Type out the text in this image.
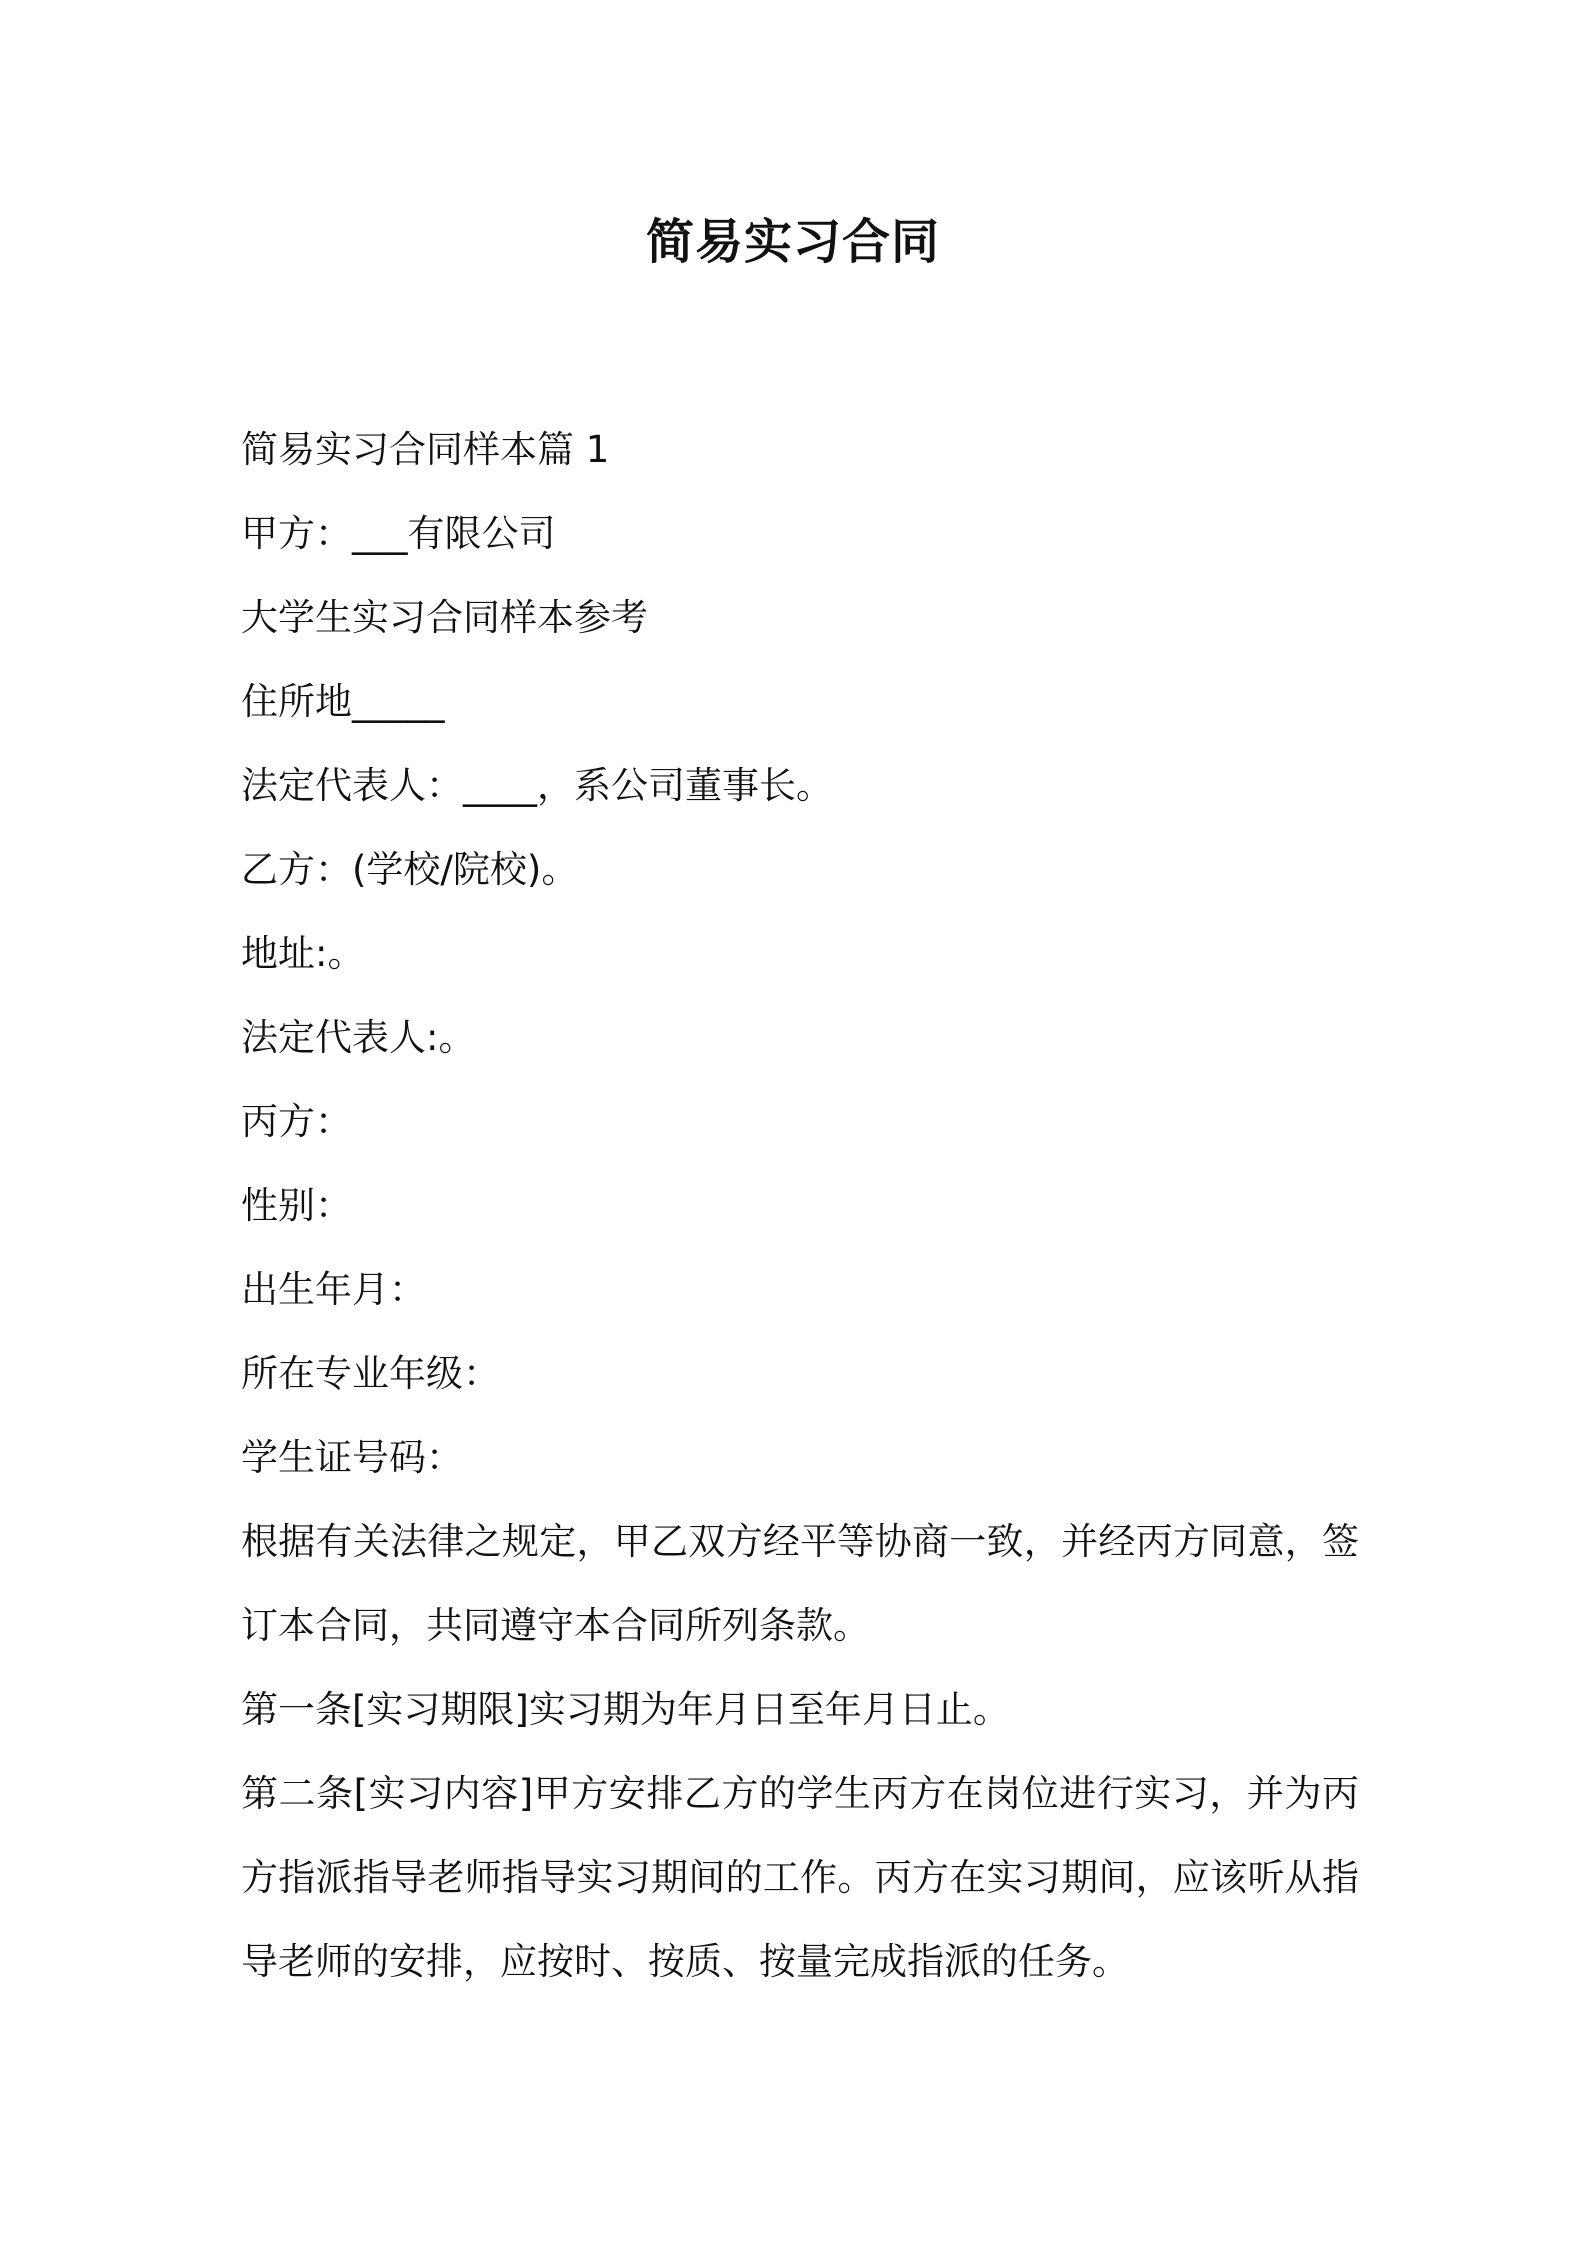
简易实习合同

简易实习合同样本篇 1

甲方：___有限公司

大学生实习合同样本参考

住所地_____

法定代表人：____，系公司董事长。

乙方：(学校/院校)。

地址:。

法定代表人:。

丙方：

性别：

出生年月：

所在专业年级：

学生证号码：

根据有关法律之规定，甲乙双方经平等协商一致，并经丙方同意，签订本合同，共同遵守本合同所列条款。

第一条[实习期限]实习期为年月日至年月日止。

第二条[实习内容]甲方安排乙方的学生丙方在岗位进行实习，并为丙方指派指导老师指导实习期间的工作。丙方在实习期间，应该听从指导老师的安排，应按时、按质、按量完成指派的任务。
